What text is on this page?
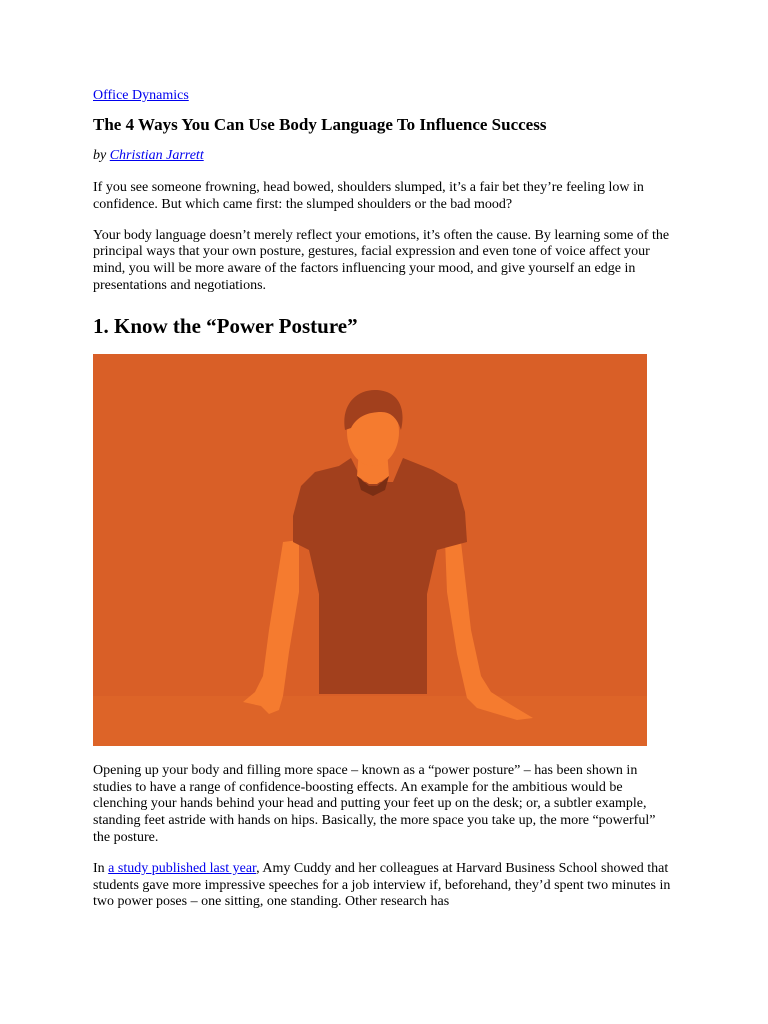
Office Dynamics
The 4 Ways You Can Use Body Language To Influence Success
by Christian Jarrett

If you see someone frowning, head bowed, shoulders slumped, it’s a fair bet they’re feeling low in confidence. But which came first: the slumped shoulders or the bad mood?

Your body language doesn’t merely reflect your emotions, it’s often the cause. By learning some of the principal ways that your own posture, gestures, facial expression and even tone of voice affect your mind, you will be more aware of the factors influencing your mood, and give yourself an edge in presentations and negotiations.

1. Know the “Power Posture”

Opening up your body and filling more space – known as a “power posture” – has been shown in studies to have a range of confidence-boosting effects. An example for the ambitious would be clenching your hands behind your head and putting your feet up on the desk; or, a subtler example, standing feet astride with hands on hips. Basically, the more space you take up, the more “powerful” the posture.

In a study published last year, Amy Cuddy and her colleagues at Harvard Business School showed that students gave more impressive speeches for a job interview if, beforehand, they’d spent two minutes in two power poses – one sitting, one standing. Other research has
